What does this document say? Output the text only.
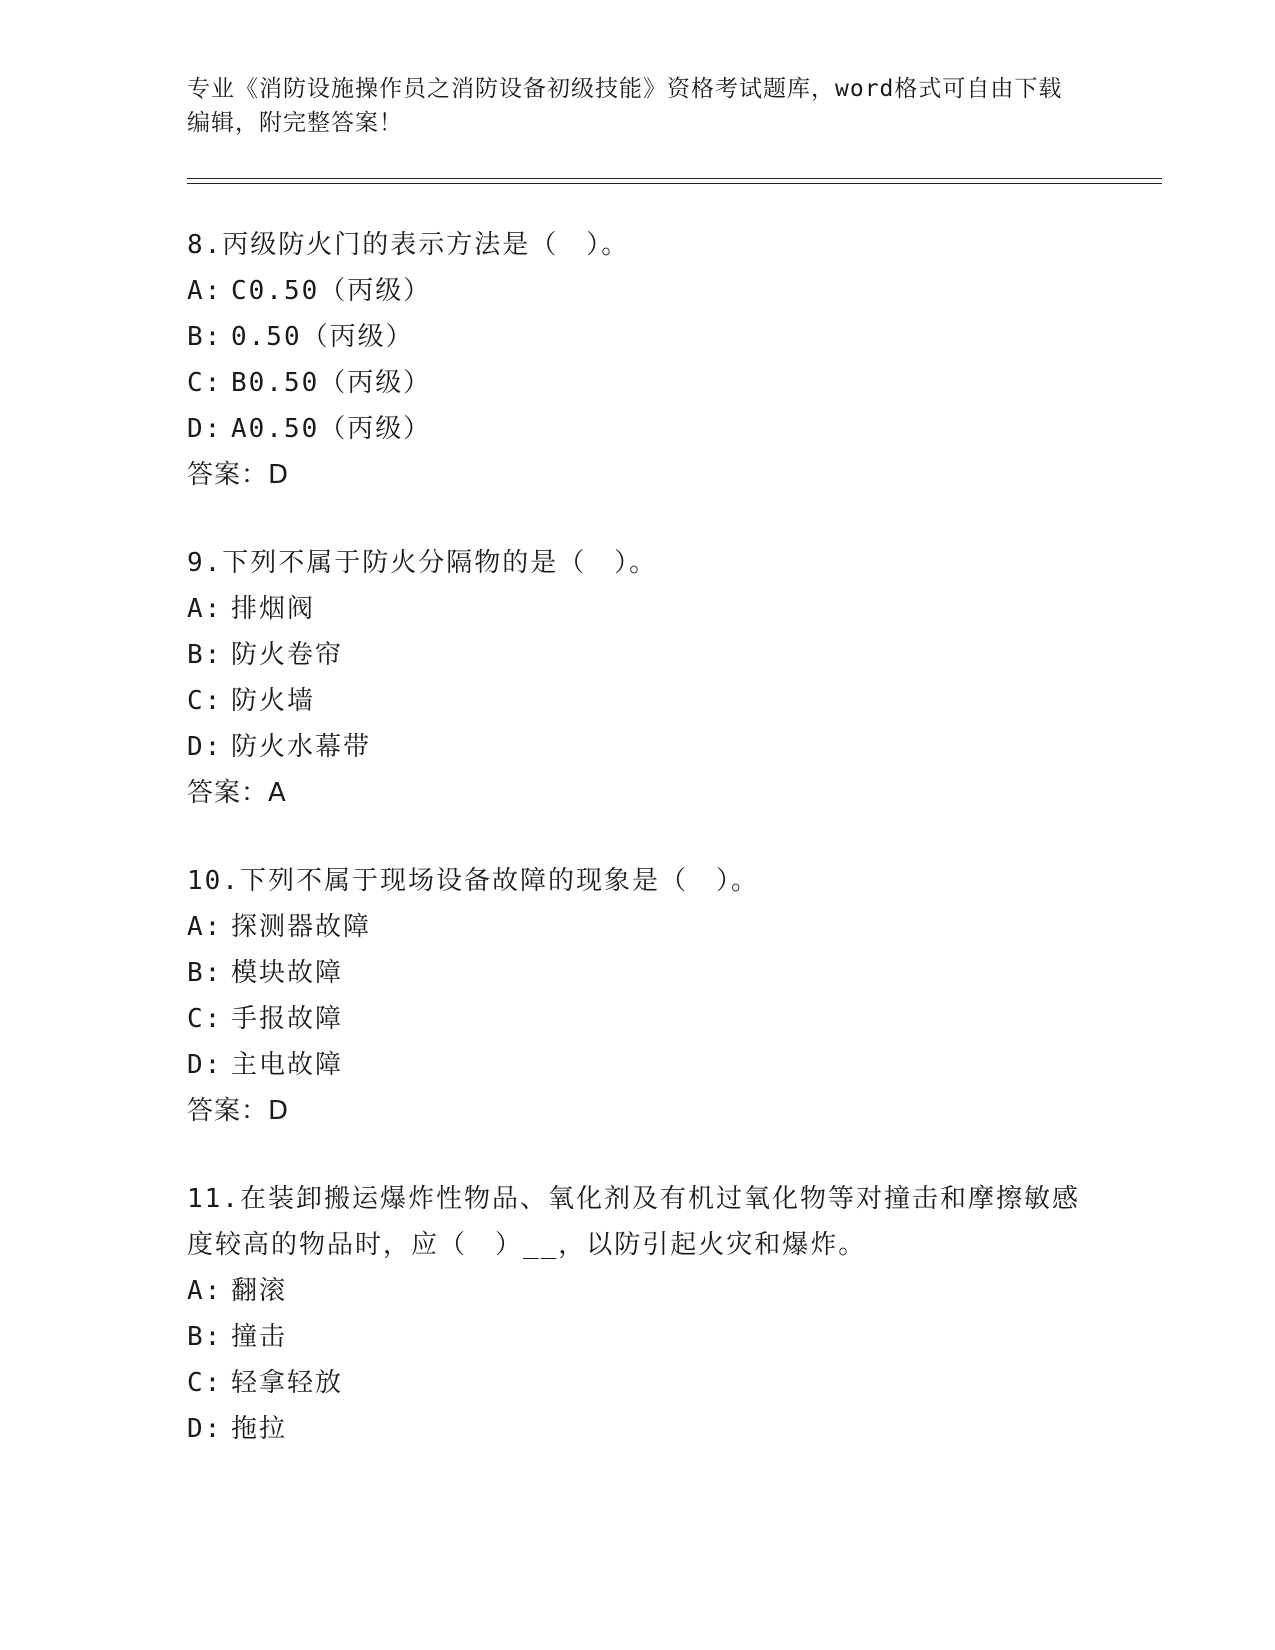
专业《消防设施操作员之消防设备初级技能》资格考试题库，word格式可自由下载编辑，附完整答案！

8.丙级防火门的表示方法是（　）。

A: C0.50（丙级）

B: 0.50（丙级）

C: B0.50（丙级）

D: A0.50（丙级）

答案：D

9.下列不属于防火分隔物的是（　）。

A: 排烟阀

B: 防火卷帘

C: 防火墙

D: 防火水幕带

答案：A

10.下列不属于现场设备故障的现象是（　）。

A: 探测器故障

B: 模块故障

C: 手报故障

D: 主电故障

答案：D

11.在装卸搬运爆炸性物品、氧化剂及有机过氧化物等对撞击和摩擦敏感度较高的物品时，应（　）__，以防引起火灾和爆炸。

A: 翻滚

B: 撞击

C: 轻拿轻放

D: 拖拉
